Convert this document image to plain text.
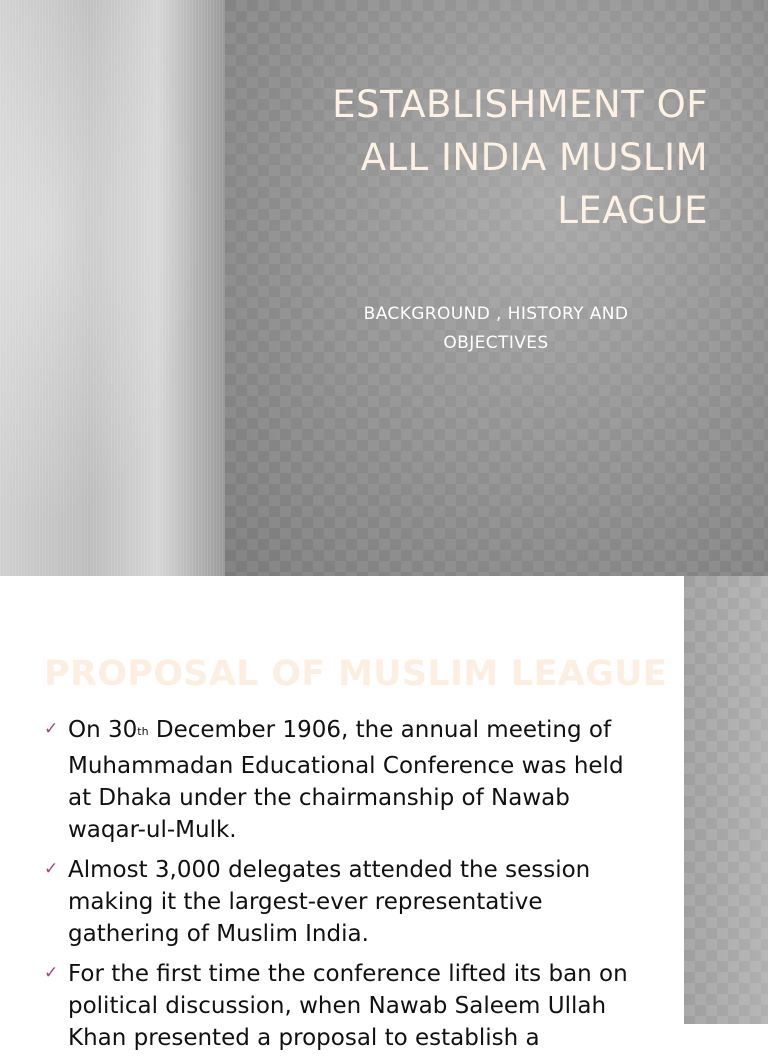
ESTABLISHMENT OF
ALL INDIA MUSLIM
LEAGUE
BACKGROUND , HISTORY AND
OBJECTIVES
PROPOSAL OF MUSLIM LEAGUE
✓ On 30th December 1906, the annual meeting of Muhammadan Educational Conference was held at Dhaka under the chairmanship of Nawab waqar-ul-Mulk.
✓ Almost 3,000 delegates attended the session making it the largest-ever representative gathering of Muslim India.
✓ For the first time the conference lifted its ban on political discussion, when Nawab Saleem Ullah Khan presented a proposal to establish a
